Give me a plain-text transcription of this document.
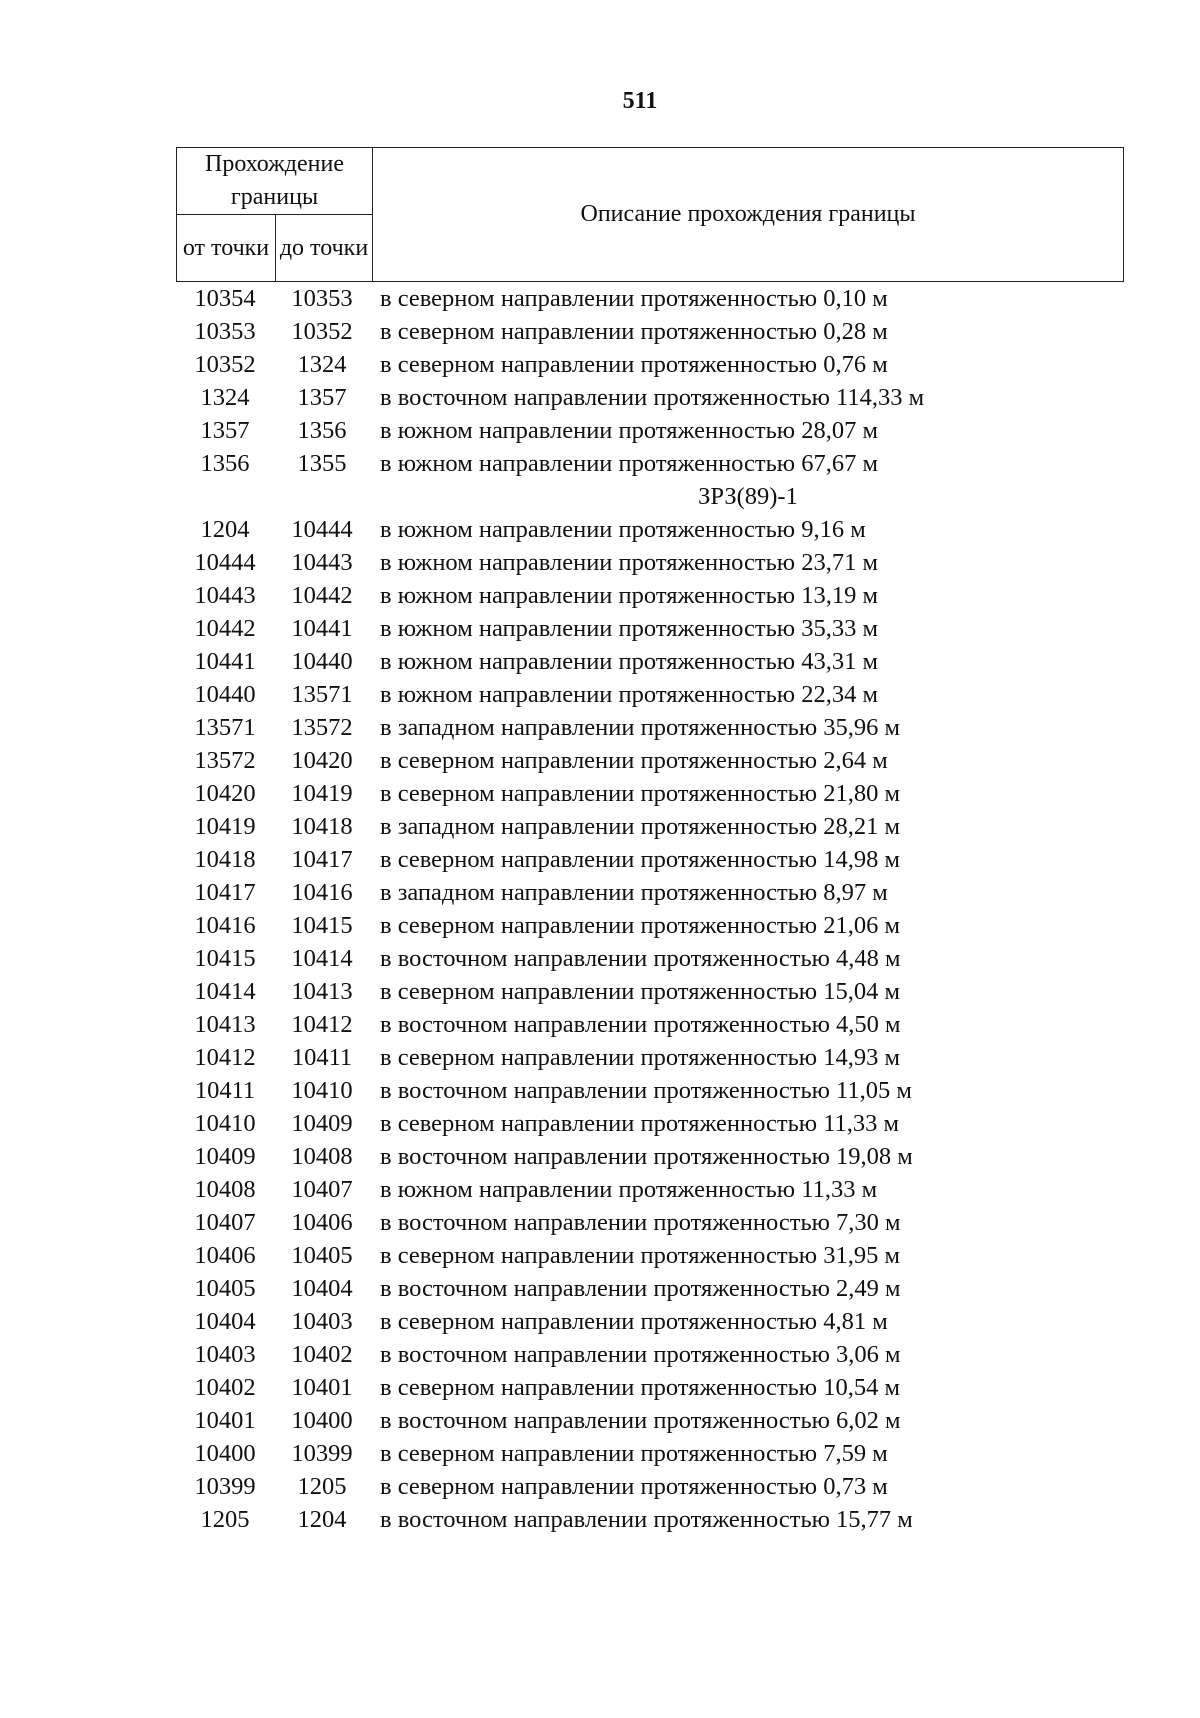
511
Прохождение границы		Описание прохождения границы
от точки	до точки	
10354	10353	в северном направлении протяженностью 0,10 м
10353	10352	в северном направлении протяженностью 0,28 м
10352	1324	в северном направлении протяженностью 0,76 м
1324	1357	в восточном направлении протяженностью 114,33 м
1357	1356	в южном направлении протяженностью 28,07 м
1356	1355	в южном направлении протяженностью 67,67 м
ЗРЗ(89)-1
1204	10444	в южном направлении протяженностью 9,16 м
10444	10443	в южном направлении протяженностью 23,71 м
10443	10442	в южном направлении протяженностью 13,19 м
10442	10441	в южном направлении протяженностью 35,33 м
10441	10440	в южном направлении протяженностью 43,31 м
10440	13571	в южном направлении протяженностью 22,34 м
13571	13572	в западном направлении протяженностью 35,96 м
13572	10420	в северном направлении протяженностью 2,64 м
10420	10419	в северном направлении протяженностью 21,80 м
10419	10418	в западном направлении протяженностью 28,21 м
10418	10417	в северном направлении протяженностью 14,98 м
10417	10416	в западном направлении протяженностью 8,97 м
10416	10415	в северном направлении протяженностью 21,06 м
10415	10414	в восточном направлении протяженностью 4,48 м
10414	10413	в северном направлении протяженностью 15,04 м
10413	10412	в восточном направлении протяженностью 4,50 м
10412	10411	в северном направлении протяженностью 14,93 м
10411	10410	в восточном направлении протяженностью 11,05 м
10410	10409	в северном направлении протяженностью 11,33 м
10409	10408	в восточном направлении протяженностью 19,08 м
10408	10407	в южном направлении протяженностью 11,33 м
10407	10406	в восточном направлении протяженностью 7,30 м
10406	10405	в северном направлении протяженностью 31,95 м
10405	10404	в восточном направлении протяженностью 2,49 м
10404	10403	в северном направлении протяженностью 4,81 м
10403	10402	в восточном направлении протяженностью 3,06 м
10402	10401	в северном направлении протяженностью 10,54 м
10401	10400	в восточном направлении протяженностью 6,02 м
10400	10399	в северном направлении протяженностью 7,59 м
10399	1205	в северном направлении протяженностью 0,73 м
1205	1204	в восточном направлении протяженностью 15,77 м
